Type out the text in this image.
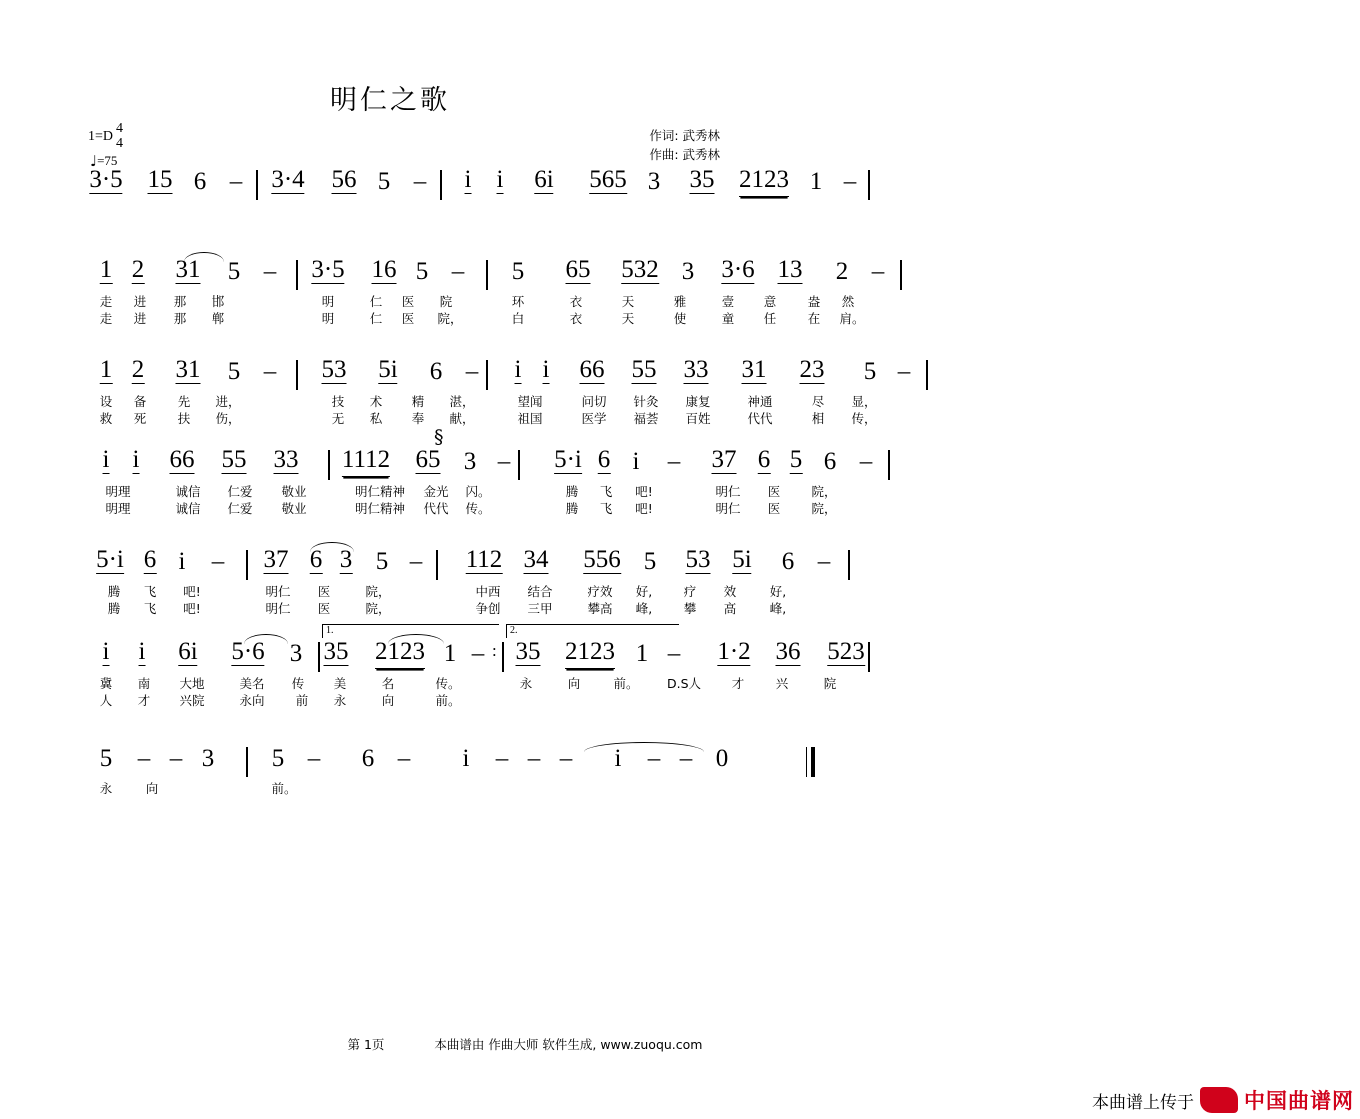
明仁之歌
1=D
4
4
♩=75
作词: 武秀林
作曲: 武秀林
3·5 15 6 – 3·4 56 5 – i i 6i 565 3 35 2123 1 –
1 2 31 5 – 3·5 16 5 – 5 65 532 3 3·6 13 2 –
走 进 那 邯	明	仁 医 院	环	衣	天	雅	壹 意	盎 然
走 进 那 郸	明	仁 医 院，	白	衣	天	使	童 任	在 肩。
1 2 31 5 – 53 5i 6 – i i 66 55 33 31 23 5 –
设 备	先 进，	技 术 精 湛，	望闻	问切 针灸 康复	神通	尽 显，
救 死	扶 伤，	无 私 奉 献，	祖国	医学 福荟 百姓	代代	相 传，
i i 66 55 33 1112 65 3 – 5·i 6 i – 37 6 5 6 –
§
明理	诚信 仁爱 敬业	明仁精神 金光 闪。	腾 飞 吧!	明仁 医 院，
明理	诚信 仁爱 敬业	明仁精神 代代 传。	腾 飞 吧!	明仁 医 院，
5·i 6 i – 37 6 3 5 – 112 34 556 5 53 5i 6 –
腾 飞 吧!	明仁 医	院，	中西 结合	疗效 好,	疗 效	好,
腾 飞 吧!	明仁 医	院，	争创 三甲	攀高 峰,	攀 高	峰,
i i 6i 5·6 3 35 2123 1 – 35 2123 1 – 1·2 36 523
:
1.	2.
冀 南 大地	美名 传 美	名	传。	永	向	前。 D.S人 才	兴	院
人 才 兴院	永向 前 永	向	前。
5 – – 3 5 – 6 – i – – – i – – 0
永	向	前。
第 1页	本曲谱由 作曲大师 软件生成, www.zuoqu.com
本曲谱上传于 中国曲谱网
